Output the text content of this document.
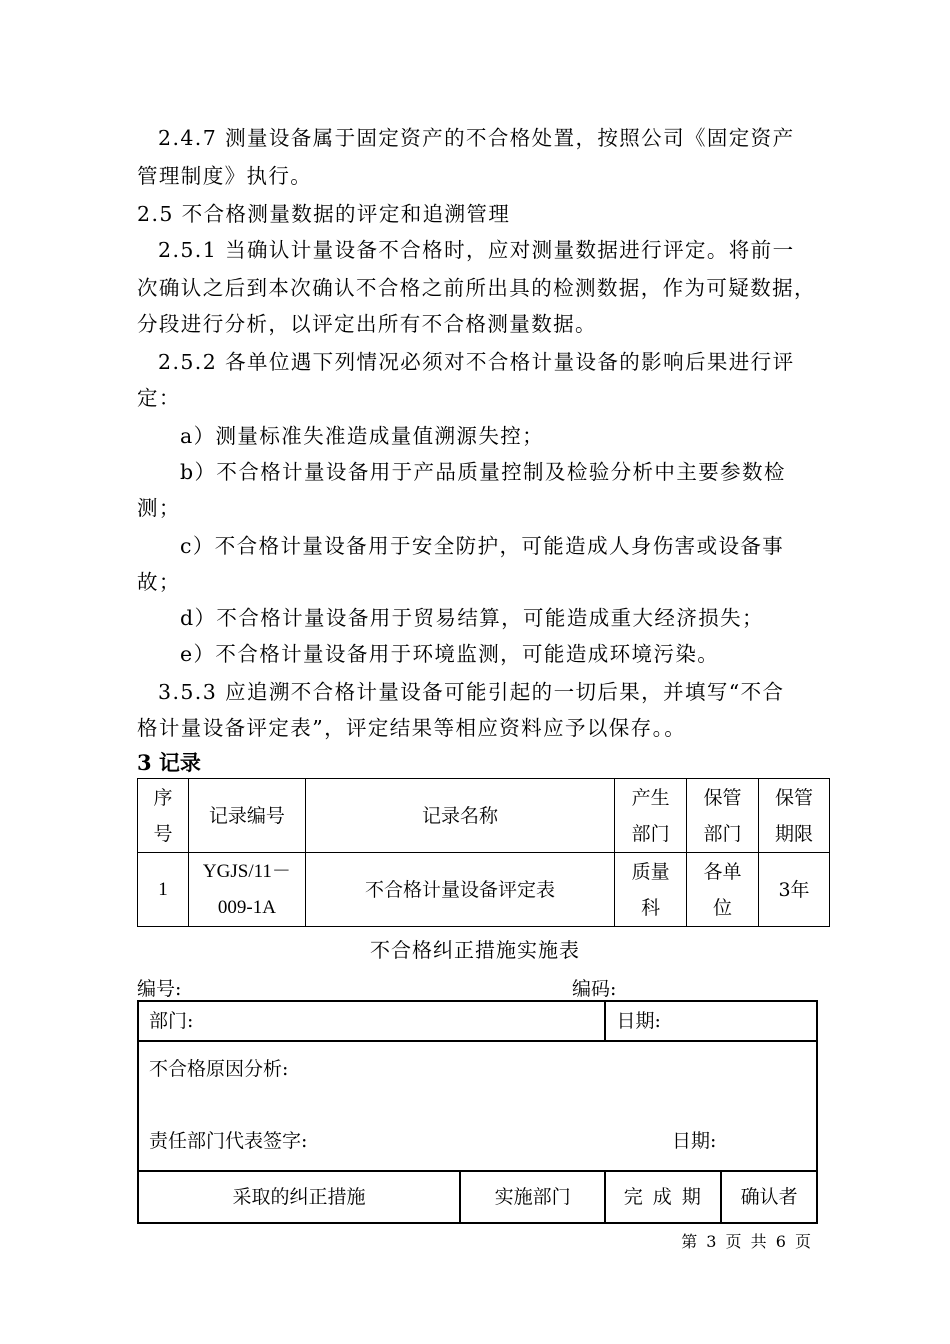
2.4.7 测量设备属于固定资产的不合格处置，按照公司《固定资产
管理制度》执行。
2.5 不合格测量数据的评定和追溯管理
2.5.1 当确认计量设备不合格时，应对测量数据进行评定。将前一
次确认之后到本次确认不合格之前所出具的检测数据，作为可疑数据，
分段进行分析，以评定出所有不合格测量数据。
2.5.2 各单位遇下列情况必须对不合格计量设备的影响后果进行评
定：
a）测量标准失准造成量值溯源失控；
b）不合格计量设备用于产品质量控制及检验分析中主要参数检
测；
c）不合格计量设备用于安全防护，可能造成人身伤害或设备事
故；
d）不合格计量设备用于贸易结算，可能造成重大经济损失；
e）不合格计量设备用于环境监测，可能造成环境污染。
3.5.3 应追溯不合格计量设备可能引起的一切后果，并填写“不合
格计量设备评定表”，评定结果等相应资料应予以保存。。
3 记录
序号	记录编号	记录名称	产生部门	保管部门	保管期限
1	YGJS/11－
009-1A	不合格计量设备评定表	质量科	各单位	3年
不合格纠正措施实施表
编号:	编码:
部门:		日期:	

不合格原因分析:
责任部门代表签字: 日期:			

采取的纠正措施	实施部门	完 成 期	确认者
第 3 页 共 6 页
